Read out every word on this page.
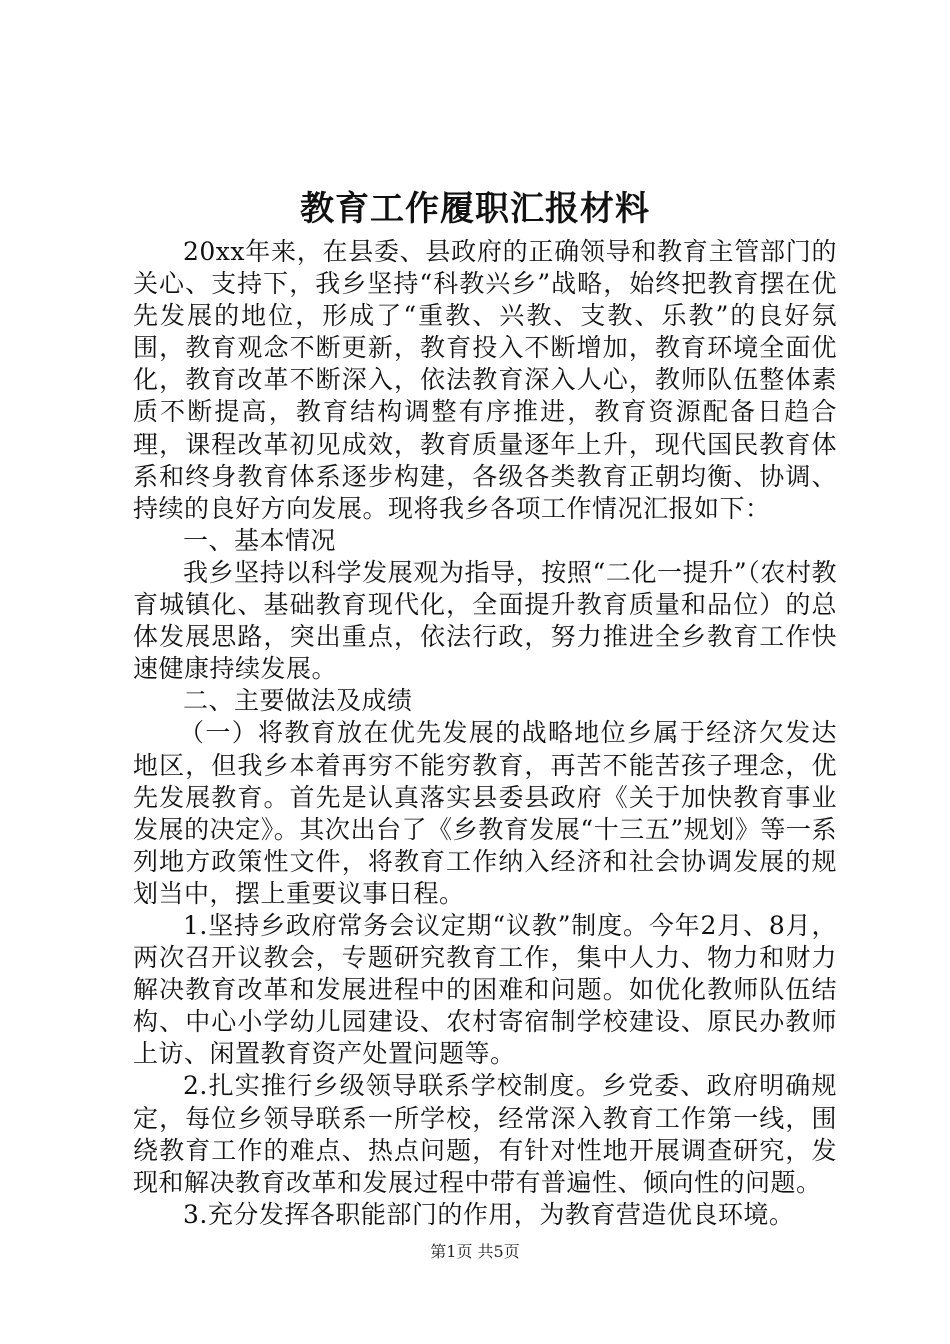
教育工作履职汇报材料

20xx年来，在县委、县政府的正确领导和教育主管部门的关心、支持下，我乡坚持“科教兴乡”战略，始终把教育摆在优先发展的地位，形成了“重教、兴教、支教、乐教”的良好氛围，教育观念不断更新，教育投入不断增加，教育环境全面优化，教育改革不断深入，依法教育深入人心，教师队伍整体素质不断提高，教育结构调整有序推进，教育资源配备日趋合理，课程改革初见成效，教育质量逐年上升，现代国民教育体系和终身教育体系逐步构建，各级各类教育正朝均衡、协调、持续的良好方向发展。现将我乡各项工作情况汇报如下：

一、基本情况

我乡坚持以科学发展观为指导，按照“二化一提升”（农村教育城镇化、基础教育现代化，全面提升教育质量和品位）的总体发展思路，突出重点，依法行政，努力推进全乡教育工作快速健康持续发展。

二、主要做法及成绩

（一）将教育放在优先发展的战略地位乡属于经济欠发达地区，但我乡本着再穷不能穷教育，再苦不能苦孩子理念，优先发展教育。首先是认真落实县委县政府《关于加快教育事业发展的决定》。其次出台了《乡教育发展“十三五”规划》等一系列地方政策性文件，将教育工作纳入经济和社会协调发展的规划当中，摆上重要议事日程。

1.坚持乡政府常务会议定期“议教”制度。今年2月、8月，两次召开议教会，专题研究教育工作，集中人力、物力和财力解决教育改革和发展进程中的困难和问题。如优化教师队伍结构、中心小学幼儿园建设、农村寄宿制学校建设、原民办教师上访、闲置教育资产处置问题等。

2.扎实推行乡级领导联系学校制度。乡党委、政府明确规定，每位乡领导联系一所学校，经常深入教育工作第一线，围绕教育工作的难点、热点问题，有针对性地开展调查研究，发现和解决教育改革和发展过程中带有普遍性、倾向性的问题。

3.充分发挥各职能部门的作用，为教育营造优良环境。

第1页 共5页
